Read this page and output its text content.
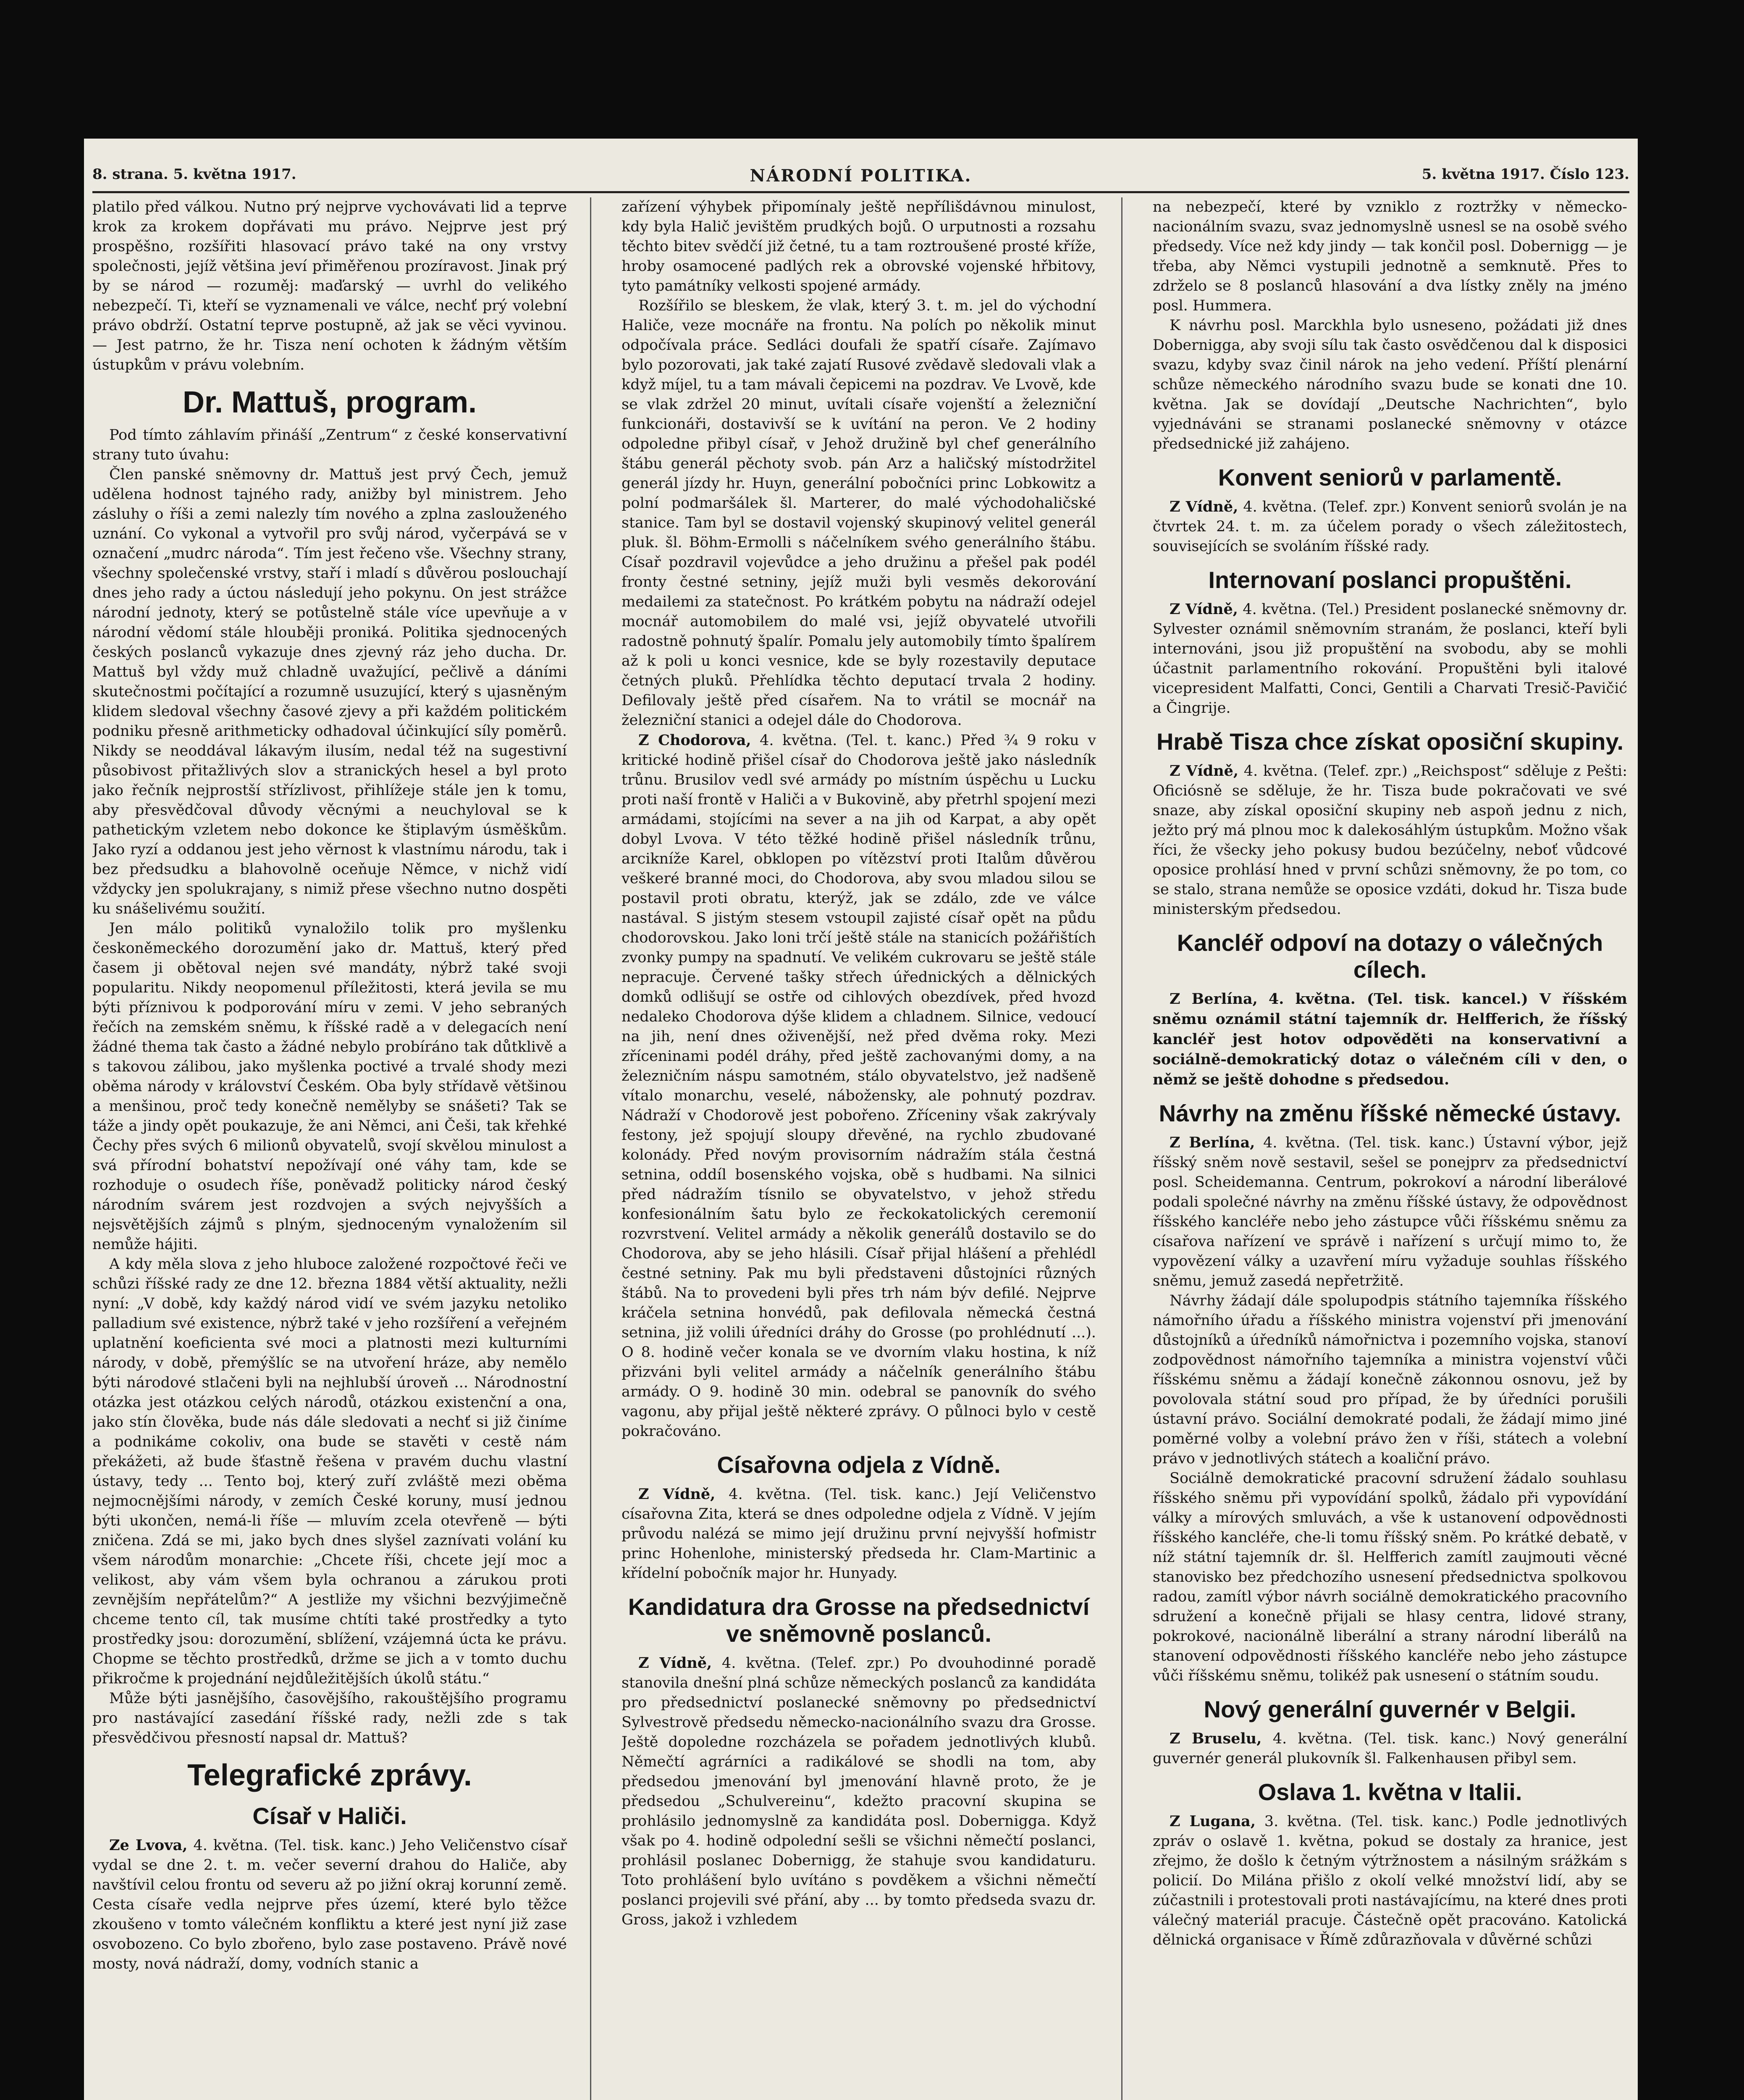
8. strana. 5. května 1917.	NÁRODNÍ POLITIKA.	5. května 1917. Číslo 123.

platilo před válkou. Nutno prý nejprve vychovávati lid a teprve krok za krokem dopřávati mu právo. Nejprve jest prý prospěšno, rozšířiti hlasovací právo také na ony vrstvy společnosti, jejíž většina jeví přiměřenou prozíravost. Jinak prý by se národ — rozuměj: maďarský — uvrhl do velikého nebezpečí. Ti, kteří se vyznamenali ve válce, nechť prý volební právo obdrží. Ostatní teprve postupně, až jak se věci vyvinou. — Jest patrno, že hr. Tisza není ochoten k žádným větším ústupkům v právu volebním.

Dr. Mattuš, program.

Pod tímto záhlavím přináší „Zentrum“ z české konservativní strany tuto úvahu:

Člen panské sněmovny dr. Mattuš jest prvý Čech, jemuž udělena hodnost tajného rady, anižby byl ministrem. Jeho zásluhy o říši a zemi nalezly tím nového a zplna zaslouženého uznání. Co vykonal a vytvořil pro svůj národ, vyčerpává se v označení „mudrc národa“. Tím jest řečeno vše. Všechny strany, všechny společenské vrstvy, staří i mladí s důvěrou poslouchají dnes jeho rady a úctou následují jeho pokynu. On jest strážce národní jednoty, který se potůstelně stále více upevňuje a v národní vědomí stále hlouběji proniká. Politika sjednocených českých poslanců vykazuje dnes zjevný ráz jeho ducha. Dr. Mattuš byl vždy muž chladně uvažující, pečlivě a dáními skutečnostmi počítající a rozumně usuzující, který s ujasněným klidem sledoval všechny časové zjevy a při každém politickém podniku přesně arithmeticky odhadoval účinkující síly poměrů. Nikdy se neoddával lákavým ilusím, nedal též na sugestivní působivost přitažlivých slov a stranických hesel a byl proto jako řečník nejprostší střízlivost, přihlížeje stále jen k tomu, aby přesvědčoval důvody věcnými a neuchyloval se k pathetickým vzletem nebo dokonce ke štiplavým úsměškům. Jako ryzí a oddanou jest jeho věrnost k vlastnímu národu, tak i bez předsudku a blahovolně oceňuje Němce, v nichž vidí vždycky jen spolukrajany, s nimiž přese všechno nutno dospěti ku snášelivému soužití.

Jen málo politiků vynaložilo tolik pro myšlenku českoněmeckého dorozumění jako dr. Mattuš, který před časem ji obětoval nejen své mandáty, nýbrž také svoji popularitu. Nikdy neopomenul příležitosti, která jevila se mu býti příznivou k podporování míru v zemi. V jeho sebraných řečích na zemském sněmu, k říšské radě a v delegacích není žádné thema tak často a žádné nebylo probíráno tak důtklivě a s takovou zálibou, jako myšlenka poctivé a trvalé shody mezi oběma národy v království Českém. Oba byly střídavě většinou a menšinou, proč tedy konečně nemělyby se snášeti? Tak se táže a jindy opět poukazuje, že ani Němci, ani Češi, tak křehké Čechy přes svých 6 milionů obyvatelů, svojí skvělou minulost a svá přírodní bohatství nepožívají oné váhy tam, kde se rozhoduje o osudech říše, poněvadž politicky národ český národním svárem jest rozdvojen a svých nejvyšších a nejsvětějších zájmů s plným, sjednoceným vynaložením sil nemůže hájiti.

A kdy měla slova z jeho hluboce založené rozpočtové řeči ve schůzi říšské rady ze dne 12. března 1884 větší aktuality, nežli nyní: „V době, kdy každý národ vidí ve svém jazyku netoliko palladium své existence, nýbrž také v jeho rozšíření a veřejném uplatnění koeficienta své moci a platnosti mezi kulturními národy, v době, přemýšlíc se na utvoření hráze, aby nemělo býti národové stlačeni byli na nejhlubší úroveň ... Národnostní otázka jest otázkou celých národů, otázkou existenční a ona, jako stín člověka, bude nás dále sledovati a nechť si již činíme a podnikáme cokoliv, ona bude se stavěti v cestě nám překážeti, až bude šťastně řešena v pravém duchu vlastní ústavy, tedy ... Tento boj, který zuří zvláště mezi oběma nejmocnějšími národy, v zemích České koruny, musí jednou býti ukončen, nemá-li říše — mluvím zcela otevřeně — býti zničena. Zdá se mi, jako bych dnes slyšel zaznívati volání ku všem národům monarchie: „Chcete říši, chcete její moc a velikost, aby vám všem byla ochranou a zárukou proti zevnějším nepřátelům?“ A jestliže my všichni bezvýjimečně chceme tento cíl, tak musíme chtíti také prostředky a tyto prostředky jsou: dorozumění, sblížení, vzájemná úcta ke právu. Chopme se těchto prostředků, držme se jich a v tomto duchu přikročme k projednání nejdůležitějších úkolů státu.“

Může býti jasnějšího, časovějšího, rakouštějšího programu pro nastávající zasedání říšské rady, nežli zde s tak přesvědčivou přesností napsal dr. Mattuš?

Telegrafické zprávy.
Císař v Haliči.

Ze Lvova, 4. května. (Tel. tisk. kanc.) Jeho Veličenstvo císař vydal se dne 2. t. m. večer severní drahou do Haliče, aby navštívil celou frontu od severu až po jižní okraj korunní země. Cesta císaře vedla nejprve přes území, které bylo těžce zkoušeno v tomto válečném konfliktu a které jest nyní již zase osvobozeno. Co bylo zbořeno, bylo zase postaveno. Právě nové mosty, nová nádraží, domy, vodních stanic a

zařízení výhybek připomínaly ještě nepřílišdávnou minulost, kdy byla Halič jevištěm prudkých bojů. O urputnosti a rozsahu těchto bitev svědčí již četné, tu a tam roztroušené prosté kříže, hroby osamocené padlých rek a obrovské vojenské hřbitovy, tyto památníky velkosti spojené armády.

Rozšířilo se bleskem, že vlak, který 3. t. m. jel do východní Haliče, veze mocnáře na frontu. Na polích po několik minut odpočívala práce. Sedláci doufali že spatří císaře. Zajímavo bylo pozorovati, jak také zajatí Rusové zvědavě sledovali vlak a když míjel, tu a tam mávali čepicemi na pozdrav. Ve Lvově, kde se vlak zdržel 20 minut, uvítali císaře vojenští a železniční funkcionáři, dostavivší se k uvítání na peron. Ve 2 hodiny odpoledne přibyl císař, v Jehož družině byl chef generálního štábu generál pěchoty svob. pán Arz a haličský místodržitel generál jízdy hr. Huyn, generální pobočníci princ Lobkowitz a polní podmaršálek šl. Marterer, do malé východohaličské stanice. Tam byl se dostavil vojenský skupinový velitel generál pluk. šl. Böhm-Ermolli s náčelníkem svého generálního štábu. Císař pozdravil vojevůdce a jeho družinu a přešel pak podél fronty čestné setniny, jejíž muži byli vesměs dekorování medailemi za statečnost. Po krátkém pobytu na nádraží odejel mocnář automobilem do malé vsi, jejíž obyvatelé utvořili radostně pohnutý špalír. Pomalu jely automobily tímto špalírem až k poli u konci vesnice, kde se byly rozestavily deputace četných pluků. Přehlídka těchto deputací trvala 2 hodiny. Defilovaly ještě před císařem. Na to vrátil se mocnář na železniční stanici a odejel dále do Chodorova.

Z Chodorova, 4. května. (Tel. t. kanc.) Před ¾ 9 roku v kritické hodině přišel císař do Chodorova ještě jako následník trůnu. Brusilov vedl své armády po místním úspěchu u Lucku proti naší frontě v Haliči a v Bukovině, aby přetrhl spojení mezi armádami, stojícími na sever a na jih od Karpat, a aby opět dobyl Lvova. V této těžké hodině přišel následník trůnu, arcikníže Karel, obklopen po vítězství proti Italům důvěrou veškeré branné moci, do Chodorova, aby svou mladou silou se postavil proti obratu, kterýž, jak se zdálo, zde ve válce nastával. S jistým stesem vstoupil zajisté císař opět na půdu chodorovskou. Jako loni trčí ještě stále na stanicích požářištích zvonky pumpy na spadnutí. Ve velikém cukrovaru se ještě stále nepracuje. Červené tašky střech úřednických a dělnických domků odlišují se ostře od cihlových obezdívek, před hvozd nedaleko Chodorova dýše klidem a chladnem. Silnice, vedoucí na jih, není dnes oživenější, než před dvěma roky. Mezi zříceninami podél dráhy, před ještě zachovanými domy, a na železničním náspu samotném, stálo obyvatelstvo, jež nadšeně vítalo monarchu, veselé, nábožensky, ale pohnutý pozdrav. Nádraží v Chodorově jest pobořeno. Zříceniny však zakrývaly festony, jež spojují sloupy dřevěné, na rychlo zbudované kolonády. Před novým provisorním nádražím stála čestná setnina, oddíl bosenského vojska, obě s hudbami. Na silnici před nádražím tísnilo se obyvatelstvo, v jehož středu konfesionálním šatu bylo ze řeckokatolických ceremonií rozvrstvení. Velitel armády a několik generálů dostavilo se do Chodorova, aby se jeho hlásili. Císař přijal hlášení a přehlédl čestné setniny. Pak mu byli představeni důstojníci různých štábů. Na to provedeni byli přes trh nám býv defilé. Nejprve kráčela setnina honvédů, pak defilovala německá čestná setnina, již volili úředníci dráhy do Grosse (po prohlédnutí ...). O 8. hodině večer konala se ve dvorním vlaku hostina, k níž přizváni byli velitel armády a náčelník generálního štábu armády. O 9. hodině 30 min. odebral se panovník do svého vagonu, aby přijal ještě některé zprávy. O půlnoci bylo v cestě pokračováno.

Císařovna odjela z Vídně.

Z Vídně, 4. května. (Tel. tisk. kanc.) Její Veličenstvo císařovna Zita, která se dnes odpoledne odjela z Vídně. V jejím průvodu nalézá se mimo její družinu první nejvyšší hofmistr princ Hohenlohe, ministerský předseda hr. Clam-Martinic a křídelní pobočník major hr. Hunyady.

Kandidatura dra Grosse na předsednictví ve sněmovně poslanců.

Z Vídně, 4. května. (Telef. zpr.) Po dvouhodinné poradě stanovila dnešní plná schůze německých poslanců za kandidáta pro předsednictví poslanecké sněmovny po předsednictví Sylvestrově předsedu německo-nacionálního svazu dra Grosse. Ještě dopoledne rozcházela se pořadem jednotlivých klubů. Němečtí agrárníci a radikálové se shodli na tom, aby předsedou jmenování byl jmenování hlavně proto, že je předsedou „Schulvereinu“, kdežto pracovní skupina se prohlásilo jednomyslně za kandidáta posl. Dobernigga. Když však po 4. hodině odpolední sešli se všichni němečtí poslanci, prohlásil poslanec Dobernigg, že stahuje svou kandidaturu. Toto prohlášení bylo uvítáno s povděkem a všichni němečtí poslanci projevili své přání, aby ... by tomto předseda svazu dr. Gross, jakož i vzhledem

na nebezpečí, které by vzniklo z roztržky v německo-nacionálním svazu, svaz jednomyslně usnesl se na osobě svého předsedy. Více než kdy jindy — tak končil posl. Dobernigg — je třeba, aby Němci vystupili jednotně a semknutě. Přes to zdrželo se 8 poslanců hlasování a dva lístky zněly na jméno posl. Hummera.

K návrhu posl. Marckhla bylo usneseno, požádati již dnes Dobernigga, aby svoji sílu tak často osvědčenou dal k disposici svazu, kdyby svaz činil nárok na jeho vedení. Příští plenární schůze německého národního svazu bude se konati dne 10. května. Jak se dovídají „Deutsche Nachrichten“, bylo vyjednáváni se stranami poslanecké sněmovny v otázce předsednické již zahájeno.

Konvent seniorů v parlamentě.

Z Vídně, 4. května. (Telef. zpr.) Konvent seniorů svolán je na čtvrtek 24. t. m. za účelem porady o všech záležitostech, souvisejících se svoláním říšské rady.

Internovaní poslanci propuštěni.

Z Vídně, 4. května. (Tel.) President poslanecké sněmovny dr. Sylvester oznámil sněmovním stranám, že poslanci, kteří byli internováni, jsou již propuštění na svobodu, aby se mohli účastnit parlamentního rokování. Propuštěni byli italové vicepresident Malfatti, Conci, Gentili a Charvati Tresič-Pavičić a Čingrije.

Hrabě Tisza chce získat oposiční skupiny.

Z Vídně, 4. května. (Telef. zpr.) „Reichspost“ sděluje z Pešti: Oficiósně se sděluje, že hr. Tisza bude pokračovati ve své snaze, aby získal oposiční skupiny neb aspoň jednu z nich, ježto prý má plnou moc k dalekosáhlým ústupkům. Možno však říci, že všecky jeho pokusy budou bezúčelny, neboť vůdcové oposice prohlásí hned v první schůzi sněmovny, že po tom, co se stalo, strana nemůže se oposice vzdáti, dokud hr. Tisza bude ministerským předsedou.

Kancléř odpoví na dotazy o válečných cílech.

Z Berlína, 4. května. (Tel. tisk. kancel.) V říšském sněmu oznámil státní tajemník dr. Helfferich, že říšský kancléř jest hotov odpověděti na konservativní a sociálně-demokratický dotaz o válečném cíli v den, o němž se ještě dohodne s předsedou.

Návrhy na změnu říšské německé ústavy.

Z Berlína, 4. května. (Tel. tisk. kanc.) Ústavní výbor, jejž říšský sněm nově sestavil, sešel se ponejprv za předsednictví posl. Scheidemanna. Centrum, pokrokoví a národní liberálové podali společné návrhy na změnu říšské ústavy, že odpovědnost říšského kancléře nebo jeho zástupce vůči říšskému sněmu za císařova nařízení ve správě i nařízení s určují mimo to, že vypovězení války a uzavření míru vyžaduje souhlas říšského sněmu, jemuž zasedá nepřetržitě.

Návrhy žádají dále spolupodpis státního tajemníka říšského námořního úřadu a říšského ministra vojenství při jmenování důstojníků a úředníků námořnictva i pozemního vojska, stanoví zodpovědnost námořního tajemníka a ministra vojenství vůči říšskému sněmu a žádají konečně zákonnou osnovu, jež by povolovala státní soud pro případ, že by úředníci porušili ústavní právo. Sociální demokraté podali, že žádají mimo jiné poměrné volby a volební právo žen v říši, státech a volební právo v jednotlivých státech a koaliční právo.

Sociálně demokratické pracovní sdružení žádalo souhlasu říšského sněmu při vypovídání spolků, žádalo při vypovídání války a mírových smluvách, a vše k ustanovení odpovědnosti říšského kancléře, che-li tomu říšský sněm. Po krátké debatě, v níž státní tajemník dr. šl. Helfferich zamítl zaujmouti věcné stanovisko bez předchozího usnesení předsednictva spolkovou radou, zamítl výbor návrh sociálně demokratického pracovního sdružení a konečně přijali se hlasy centra, lidové strany, pokrokové, nacionálně liberální a strany národní liberálů na stanovení odpovědnosti říšského kancléře nebo jeho zástupce vůči říšskému sněmu, tolikéž pak usnesení o státním soudu.

Nový generální guvernér v Belgii.

Z Bruselu, 4. května. (Tel. tisk. kanc.) Nový generální guvernér generál plukovník šl. Falkenhausen přibyl sem.

Oslava 1. května v Italii.

Z Lugana, 3. května. (Tel. tisk. kanc.) Podle jednotlivých zpráv o oslavě 1. května, pokud se dostaly za hranice, jest zřejmo, že došlo k četným výtržnostem a násilným srážkám s policií. Do Milána přišlo z okolí velké množství lidí, aby se zúčastnili i protestovali proti nastávajícímu, na které dnes proti válečný materiál pracuje. Částečně opět pracováno. Katolická dělnická organisace v Římě zdůrazňovala v důvěrné schůzi
